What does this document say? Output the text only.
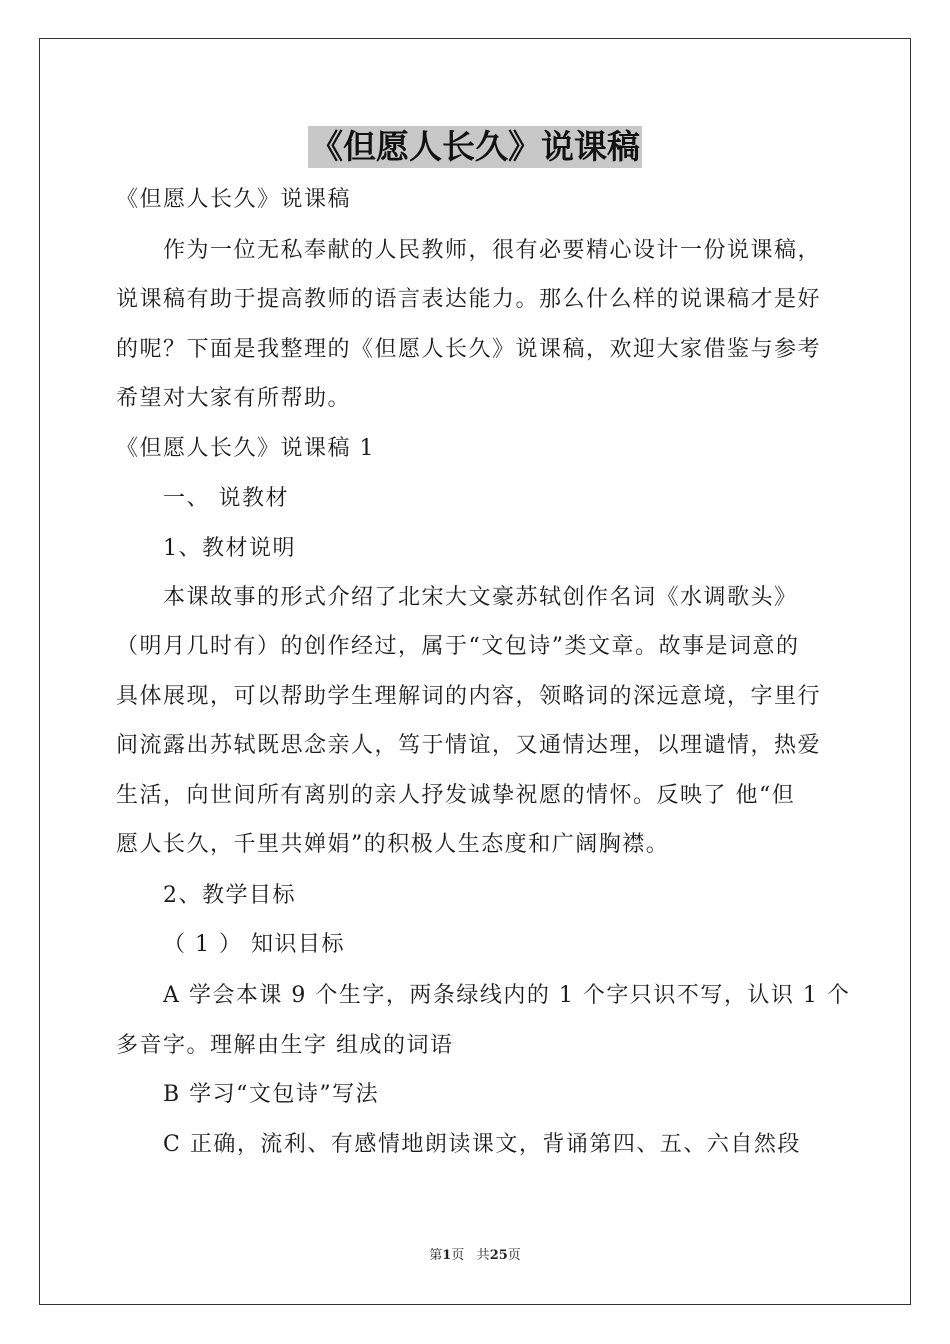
《但愿人长久》说课稿
《但愿人长久》说课稿
作为一位无私奉献的人民教师，很有必要精心设计一份说课稿，
说课稿有助于提高教师的语言表达能力。那么什么样的说课稿才是好
的呢？下面是我整理的《但愿人长久》说课稿，欢迎大家借鉴与参考
希望对大家有所帮助。
《但愿人长久》说课稿 1
一、 说教材
1、教材说明
本课故事的形式介绍了北宋大文豪苏轼创作名词《水调歌头》
（明月几时有）的创作经过，属于“文包诗”类文章。故事是词意的
具体展现，可以帮助学生理解词的内容，领略词的深远意境，字里行
间流露出苏轼既思念亲人，笃于情谊，又通情达理，以理谴情，热爱
生活，向世间所有离别的亲人抒发诚挚祝愿的情怀。反映了 他“但
愿人长久，千里共婵娟”的积极人生态度和广阔胸襟。
2、教学目标
（ 1 ） 知识目标
A 学会本课 9 个生字，两条绿线内的 1 个字只识不写，认识 1 个
多音字。理解由生字 组成的词语
B 学习“文包诗”写法
C 正确，流利、有感情地朗读课文，背诵第四、五、六自然段
第1页 共25页
